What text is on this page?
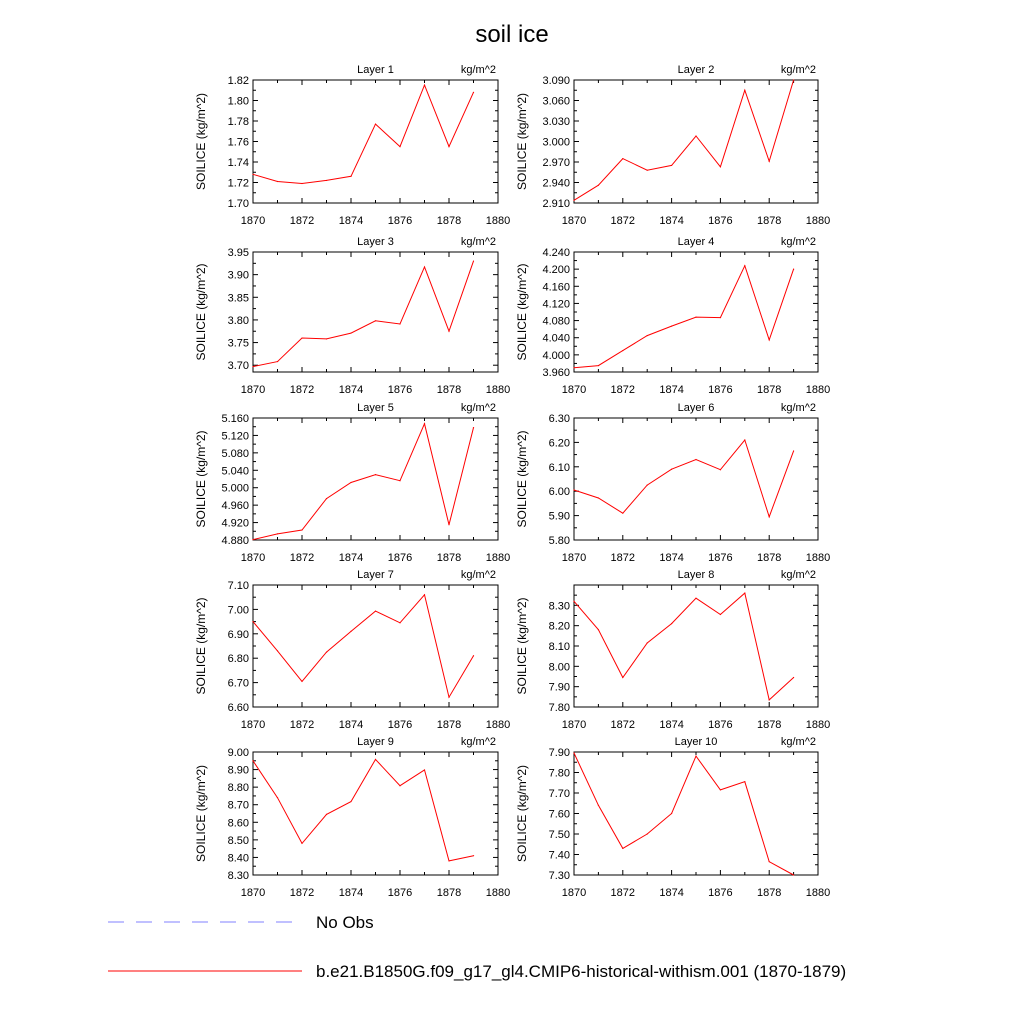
soil ice
Layer 1	kg/m^2
SOILICE (kg/m^2)
1870 1872 1874 1876 1878 1880
1.70
1.72
1.74
1.76
1.78
1.80
1.82
Layer 2	kg/m^2
SOILICE (kg/m^2)
1870 1872 1874 1876 1878 1880
2.910
2.940
2.970
3.000
3.030
3.060
3.090
Layer 3	kg/m^2
SOILICE (kg/m^2)
1870 1872 1874 1876 1878 1880
3.70
3.75
3.80
3.85
3.90
3.95
Layer 4	kg/m^2
SOILICE (kg/m^2)
1870 1872 1874 1876 1878 1880
3.960
4.000
4.040
4.080
4.120
4.160
4.200
4.240
Layer 5	kg/m^2
SOILICE (kg/m^2)
1870 1872 1874 1876 1878 1880
4.880
4.920
4.960
5.000
5.040
5.080
5.120
5.160
Layer 6	kg/m^2
SOILICE (kg/m^2)
1870 1872 1874 1876 1878 1880
5.80
5.90
6.00
6.10
6.20
6.30
Layer 7	kg/m^2
SOILICE (kg/m^2)
1870 1872 1874 1876 1878 1880
6.60
6.70
6.80
6.90
7.00
7.10
Layer 8	kg/m^2
SOILICE (kg/m^2)
1870 1872 1874 1876 1878 1880
7.80
7.90
8.00
8.10
8.20
8.30
Layer 9	kg/m^2
SOILICE (kg/m^2)
1870 1872 1874 1876 1878 1880
8.30
8.40
8.50
8.60
8.70
8.80
8.90
9.00
Layer 10	kg/m^2
SOILICE (kg/m^2)
1870 1872 1874 1876 1878 1880
7.30
7.40
7.50
7.60
7.70
7.80
7.90
No Obs
b.e21.B1850G.f09_g17_gl4.CMIP6-historical-withism.001 (1870-1879)
